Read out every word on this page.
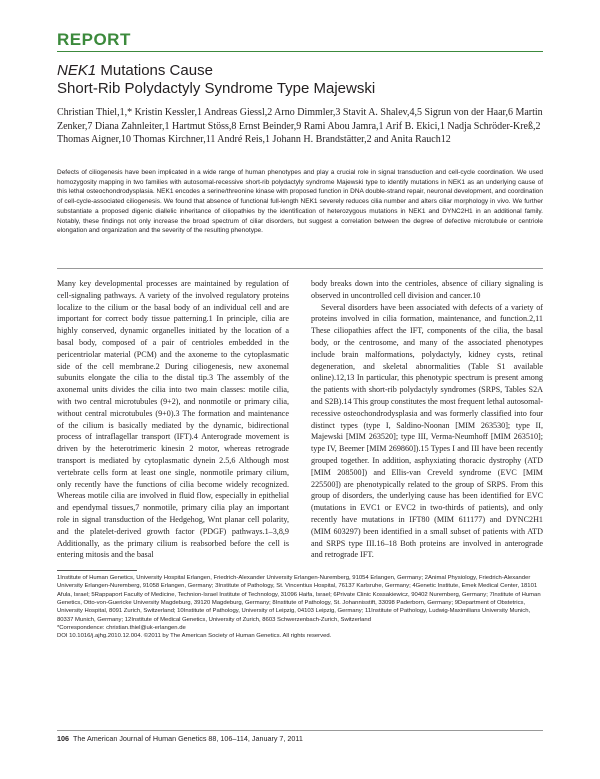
REPORT
NEK1 Mutations Cause
Short-Rib Polydactyly Syndrome Type Majewski
Christian Thiel,1,* Kristin Kessler,1 Andreas Giessl,2 Arno Dimmler,3 Stavit A. Shalev,4,5 Sigrun von der Haar,6 Martin Zenker,7 Diana Zahnleiter,1 Hartmut Stöss,8 Ernst Beinder,9 Rami Abou Jamra,1 Arif B. Ekici,1 Nadja Schröder-Kreß,2 Thomas Aigner,10 Thomas Kirchner,11 André Reis,1 Johann H. Brandstätter,2 and Anita Rauch12
Defects of ciliogenesis have been implicated in a wide range of human phenotypes and play a crucial role in signal transduction and cell-cycle coordination. We used homozygosity mapping in two families with autosomal-recessive short-rib polydactyly syndrome Majewski type to identify mutations in NEK1 as an underlying cause of this lethal osteochondrodysplasia. NEK1 encodes a serine/threonine kinase with proposed function in DNA double-strand repair, neuronal development, and coordination of cell-cycle-associated ciliogenesis. We found that absence of functional full-length NEK1 severely reduces cilia number and alters ciliar morphology in vivo. We further substantiate a proposed digenic diallelic inheritance of ciliopathies by the identification of heterozygous mutations in NEK1 and DYNC2H1 in an additional family. Notably, these findings not only increase the broad spectrum of ciliar disorders, but suggest a correlation between the degree of defective microtubule or centriole elongation and organization and the severity of the resulting phenotype.

Many key developmental processes are maintained by regulation of cell-signaling pathways. A variety of the involved regulatory proteins localize to the cilium or the basal body of an individual cell and are important for correct body tissue patterning.1 In principle, cilia are highly conserved, dynamic organelles initiated by the location of a basal body, composed of a pair of centrioles embedded in the pericentriolar material (PCM) and the axoneme to the cytoplasmatic side of the cell membrane.2 During ciliogenesis, new axonemal subunits elongate the cilia to the distal tip.3 The assembly of the axonemal units divides the cilia into two main classes: motile cilia, with two central microtubules (9+2), and nonmotile or primary cilia, without central microtubules (9+0).3 The formation and maintenance of the cilium is basically mediated by the dynamic, bidirectional process of intraflagellar transport (IFT).4 Anterograde movement is driven by the heterotrimeric kinesin 2 motor, whereas retrograde transport is mediated by cytoplasmatic dynein 2.5,6 Although most vertebrate cells form at least one single, nonmotile primary cilium, only recently have the functions of cilia become widely recognized. Whereas motile cilia are involved in fluid flow, especially in epithelial and ependymal tissues,7 nonmotile, primary cilia play an important role in signal transduction of the Hedgehog, Wnt planar cell polarity, and the platelet-derived growth factor (PDGF) pathways.1–3,8,9 Additionally, as the primary cilium is reabsorbed before the cell is entering mitosis and the basal

body breaks down into the centrioles, absence of ciliary signaling is observed in uncontrolled cell division and cancer.10

Several disorders have been associated with defects of a variety of proteins involved in cilia formation, maintenance, and function.2,11 These ciliopathies affect the IFT, components of the cilia, the basal body, or the centrosome, and many of the associated phenotypes include brain malformations, polydactyly, kidney cysts, retinal degeneration, and skeletal abnormalities (Table S1 available online).12,13 In particular, this phenotypic spectrum is present among the patients with short-rib polydactyly syndromes (SRPS, Tables S2A and S2B).14 This group constitutes the most frequent lethal autosomal-recessive osteochondrodysplasia and was formerly classified into four distinct types (type I, Saldino-Noonan [MIM 263530]; type II, Majewski [MIM 263520]; type III, Verma-Neumhoff [MIM 263510]; type IV, Beemer [MIM 269860]).15 Types I and III have been recently grouped together. In addition, asphyxiating thoracic dystrophy (ATD [MIM 208500]) and Ellis-van Creveld syndrome (EVC [MIM 225500]) are phenotypically related to the group of SRPS. From this group of disorders, the underlying cause has been identified for EVC (mutations in EVC1 or EVC2 in two-thirds of patients), and only recently have mutations in IFT80 (MIM 611177) and DYNC2H1 (MIM 603297) been identified in a small subset of patients with ATD and SRPS type III.16–18 Both proteins are involved in anterograde and retrograde IFT.

1Institute of Human Genetics, University Hospital Erlangen, Friedrich-Alexander University Erlangen-Nuremberg, 91054 Erlangen, Germany; 2Animal Physiology, Friedrich-Alexander University Erlangen-Nuremberg, 91058 Erlangen, Germany; 3Institute of Pathology, St. Vincentius Hospital, 76137 Karlsruhe, Germany; 4Genetic Institute, Emek Medical Center, 18101 Afula, Israel; 5Rappaport Faculty of Medicine, Technion-Israel Institute of Technology, 31096 Haifa, Israel; 6Private Clinic Kossakiewicz, 90402 Nuremberg, Germany; 7Institute of Human Genetics, Otto-von-Guericke University Magdeburg, 39120 Magdeburg, Germany; 8Institute of Pathology, St. Johannisstift, 33098 Paderborn, Germany; 9Department of Obstetrics, University Hospital, 8091 Zurich, Switzerland; 10Institute of Pathology, University of Leipzig, 04103 Leipzig, Germany; 11Institute of Pathology, Ludwig-Maximilians University Munich, 80337 Munich, Germany; 12Institute of Medical Genetics, University of Zurich, 8603 Schwerzenbach-Zurich, Switzerland

*Correspondence: christian.thiel@uk-erlangen.de

DOI 10.1016/j.ajhg.2010.12.004. ©2011 by The American Society of Human Genetics. All rights reserved.

106 The American Journal of Human Genetics 88, 106–114, January 7, 2011
